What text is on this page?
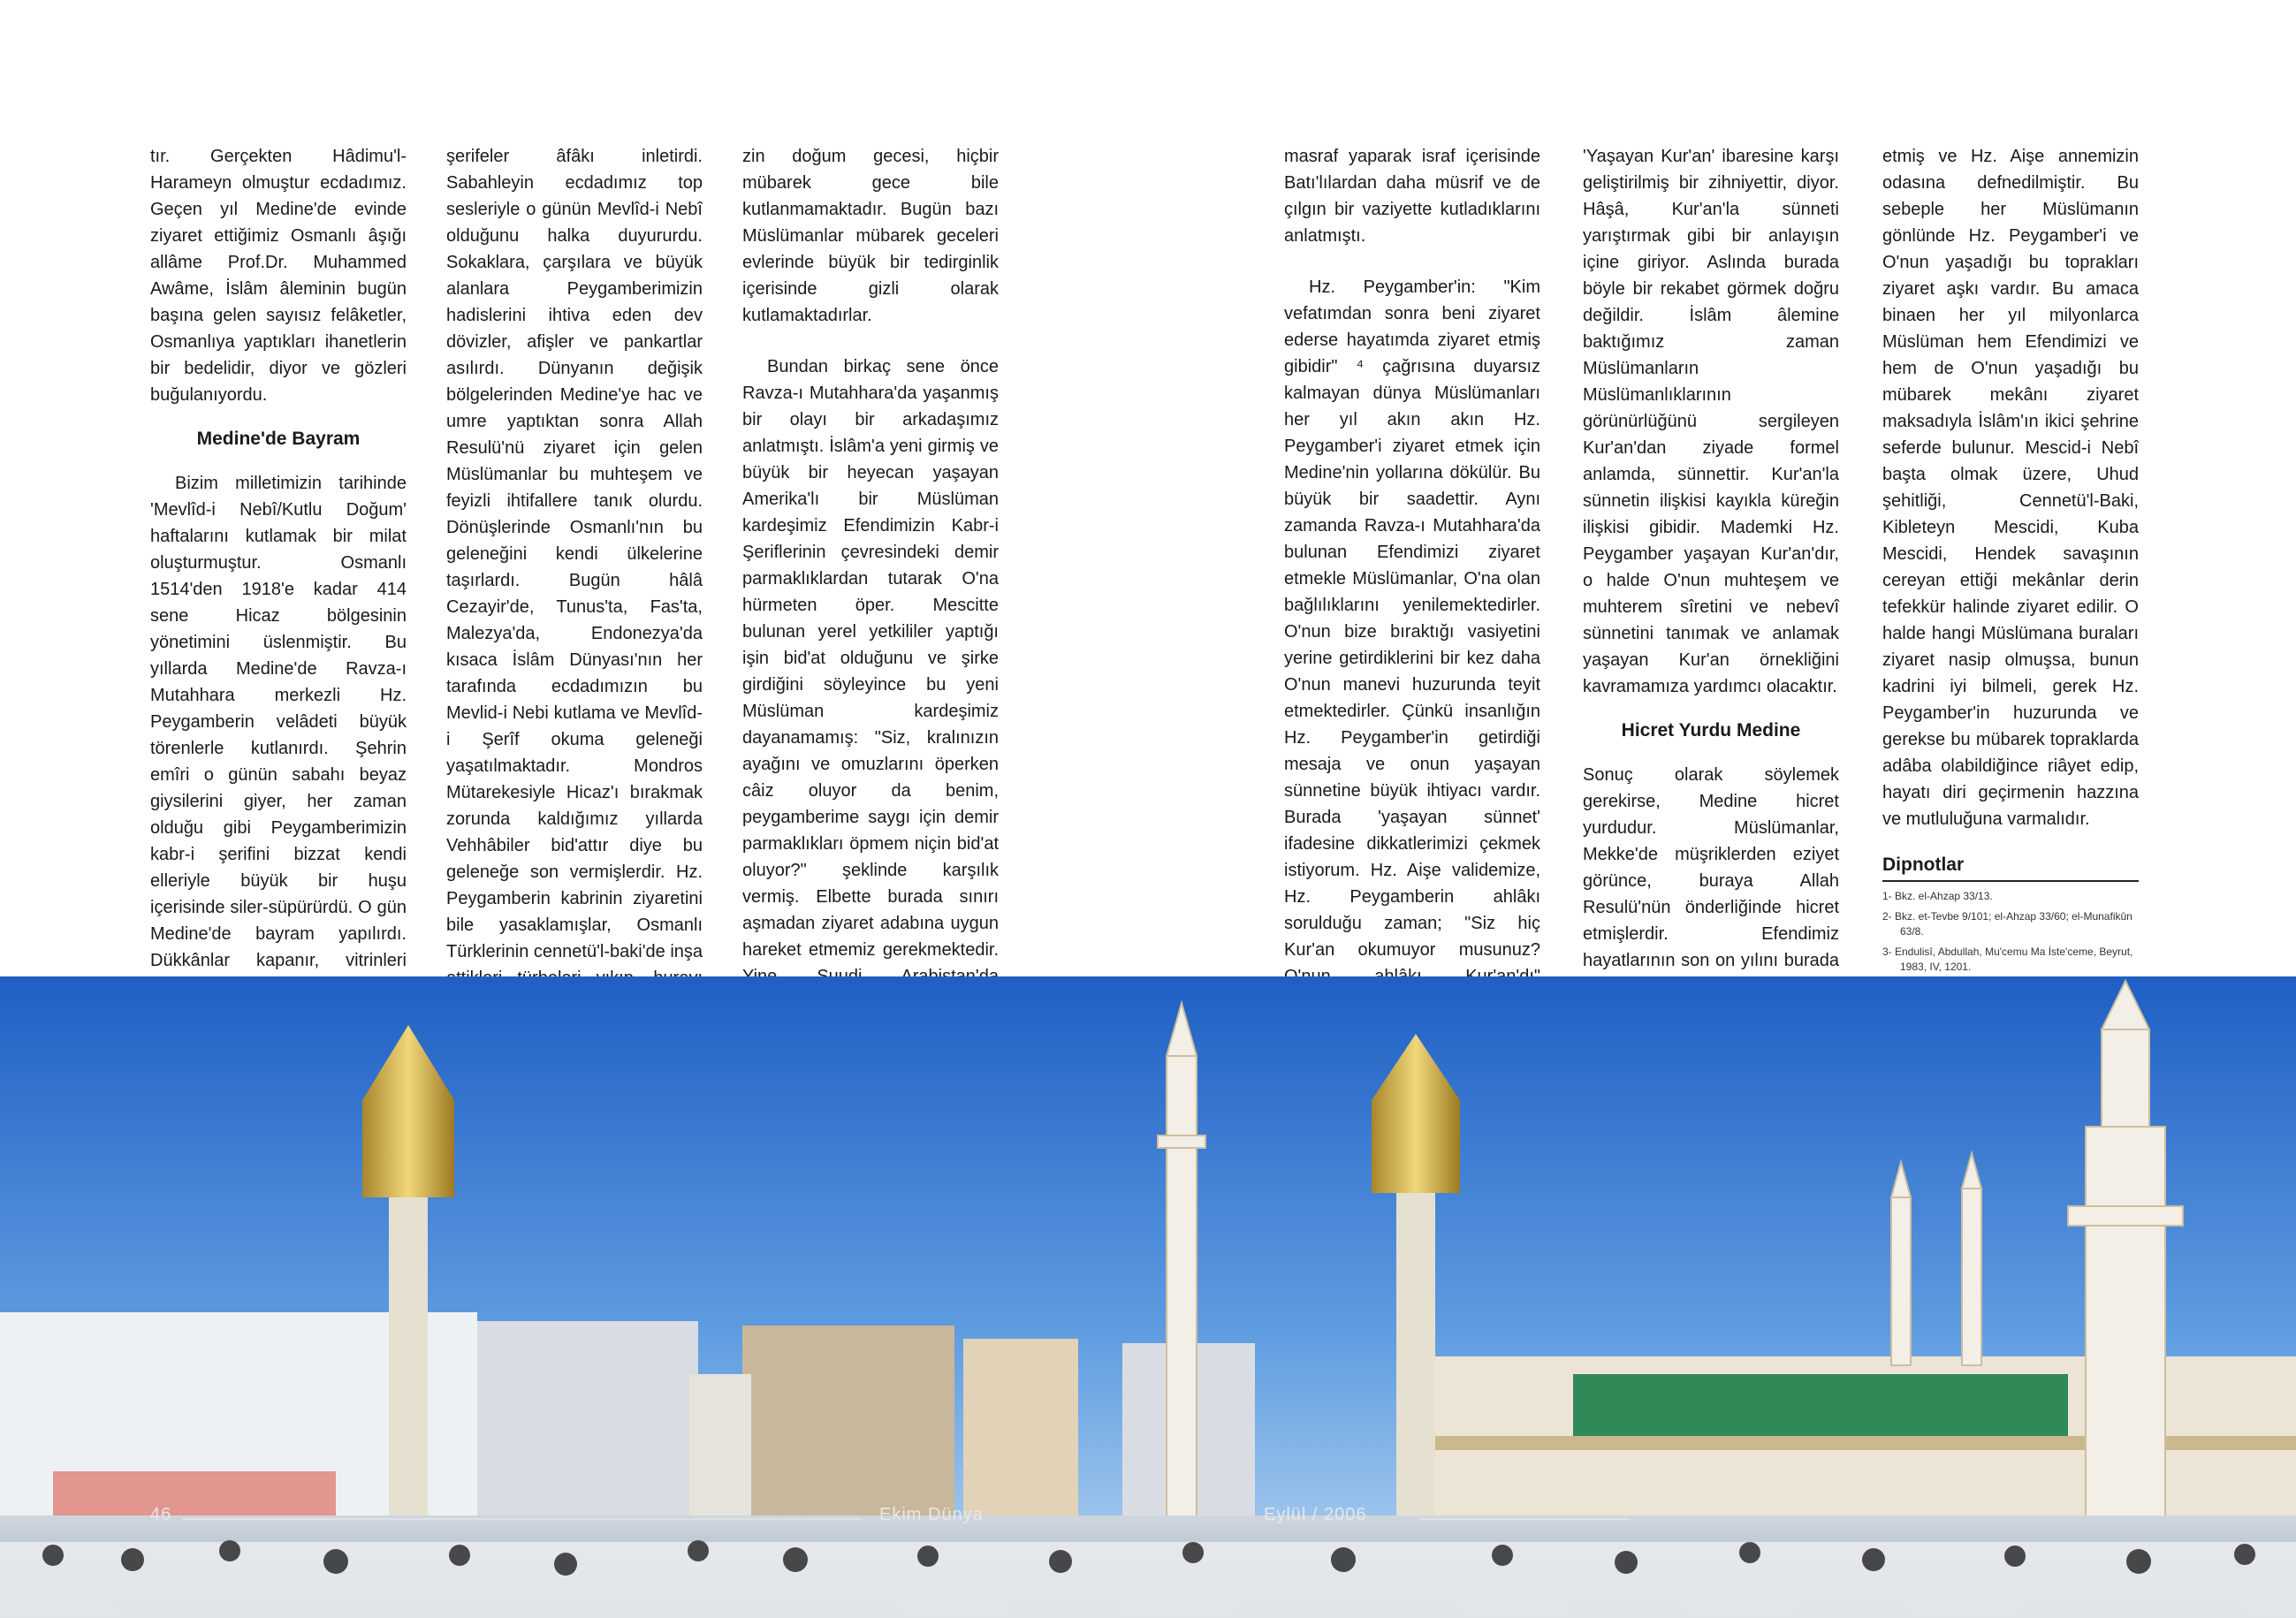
tır. Gerçekten Hâdimu'l-Harameyn olmuştur ecdadımız. Geçen yıl Medine'de evinde ziyaret ettiğimiz Osmanlı âşığı allâme Prof.Dr. Muhammed Awâme, İslâm âleminin bugün başına gelen sayısız felâketler, Osmanlıya yaptıkları ihanetlerin bir bedelidir, diyor ve gözleri buğulanıyordu.

Medine'de Bayram

Bizim milletimizin tarihinde 'Mevlîd-i Nebî/Kutlu Doğum' haftalarını kutlamak bir milat oluşturmuştur. Osmanlı 1514'den 1918'e kadar 414 sene Hicaz bölgesinin yönetimini üslenmiştir. Bu yıllarda Medine'de Ravza-ı Mutahhara merkezli Hz. Peygamberin velâdeti büyük törenlerle kutlanırdı. Şehrin emîri o günün sabahı beyaz giysilerini giyer, her zaman olduğu gibi Peygamberimizin kabr-i şerifini bizzat kendi elleriyle büyük bir huşu içerisinde siler-süpürürdü. O gün Medine'de bayram yapılırdı. Dükkânlar kapanır, vitrinleri

şerifeler âfâkı inletirdi. Sabahleyin ecdadımız top sesleriyle o günün Mevlîd-i Nebî olduğunu halka duyururdu. Sokaklara, çarşılara ve büyük alanlara Peygamberimizin hadislerini ihtiva eden dev dövizler, afişler ve pankartlar asılırdı. Dünyanın değişik bölgelerinden Medine'ye hac ve umre yaptıktan sonra Allah Resulü'nü ziyaret için gelen Müslümanlar bu muhteşem ve feyizli ihtifallere tanık olurdu. Dönüşlerinde Osmanlı'nın bu geleneğini kendi ülkelerine taşırlardı. Bugün hâlâ Cezayir'de, Tunus'ta, Fas'ta, Malezya'da, Endonezya'da kısaca İslâm Dünyası'nın her tarafında ecdadımızın bu Mevlid-i Nebi kutlama ve Mevlîd-i Şerîf okuma geleneği yaşatılmaktadır. Mondros Mütarekesiyle Hicaz'ı bırakmak zorunda kaldığımız yıllarda Vehhâbiler bid'attır diye bu geleneğe son vermişlerdir. Hz. Peygamberin kabrinin ziyaretini bile yasaklamışlar, Osmanlı Türklerinin cennetü'l-baki'de inşa

zin doğum gecesi, hiçbir mübarek gece bile kutlanmamaktadır. Bugün bazı Müslümanlar mübarek geceleri evlerinde büyük bir tedirginlik içerisinde gizli olarak kutlamaktadırlar.

Bundan birkaç sene önce Ravza-ı Mutahhara'da yaşanmış bir olayı bir arkadaşımız anlatmıştı. İslâm'a yeni girmiş ve büyük bir heyecan yaşayan Amerika'lı bir Müslüman kardeşimiz Efendimizin Kabr-i Şeriflerinin çevresindeki demir parmaklıklardan tutarak O'na hürmeten öper. Mescitte bulunan yerel yetkililer yaptığı işin bid'at olduğunu ve şirke girdiğini söyleyince bu yeni Müslüman kardeşimiz dayanamamış: "Siz, kralınızın ayağını ve omuzlarını öperken câiz oluyor da benim, peygamberime saygı için demir parmaklıkları öpmem niçin bid'at oluyor?" şeklinde karşılık vermiş. Elbette burada sınırı aşmadan ziyaret adabına uygun hareket etmemiz gerekmektedir.

masraf yaparak israf içerisinde Batı'lılardan daha müsrif ve de çılgın bir vaziyette kutladıklarını anlatmıştı.

Hz. Peygamber'in: "Kim vefatımdan sonra beni ziyaret ederse hayatımda ziyaret etmiş gibidir" ⁴ çağrısına duyarsız kalmayan dünya Müslümanları her yıl akın akın Hz. Peygamber'i ziyaret etmek için Medine'nin yollarına dökülür. Bu büyük bir saadettir. Aynı zamanda Ravza-ı Mutahhara'da bulunan Efendimizi ziyaret etmekle Müslümanlar, O'na olan bağlılıklarını yenilemektedirler. O'nun bize bıraktığı vasiyetini yerine getirdiklerini bir kez daha O'nun manevi huzurunda teyit etmektedirler. Çünkü insanlığın Hz. Peygamber'in getirdiği mesaja ve onun yaşayan sünnetine büyük ihtiyacı vardır. Burada 'yaşayan sünnet' ifadesine dikkatlerimizi çekmek istiyorum. Hz. Aişe validemize, Hz. Peygamberin ahlâkı sorulduğu zaman; "Siz hiç Kur'an okumuyor musunuz?

'Yaşayan Kur'an' ibaresine karşı geliştirilmiş bir zihniyettir, diyor. Hâşâ, Kur'an'la sünneti yarıştırmak gibi bir anlayışın içine giriyor. Aslında burada böyle bir rekabet görmek doğru değildir. İslâm âlemine baktığımız zaman Müslümanların Müslümanlıklarının görünürlüğünü sergileyen Kur'an'dan ziyade formel anlamda, sünnettir. Kur'an'la sünnetin ilişkisi kayıkla küreğin ilişkisi gibidir. Mademki Hz. Peygamber yaşayan Kur'an'dır, o halde O'nun muhteşem ve muhterem sîretini ve nebevî sünnetini tanımak ve anlamak yaşayan Kur'an örnekliğini kavramamıza yardımcı olacaktır.

Hicret Yurdu Medine

Sonuç olarak söylemek gerekirse, Medine hicret yurdudur. Müslümanlar, Mekke'de müşriklerden eziyet görünce, buraya Allah Resulü'nün önderliğinde hicret etmişlerdir. Efendimiz hayatlarının son on yılını burada

etmiş ve Hz. Aişe annemizin odasına defnedilmiştir. Bu sebeple her Müslümanın gönlünde Hz. Peygamber'i ve O'nun yaşadığı bu toprakları ziyaret aşkı vardır. Bu amaca binaen her yıl milyonlarca Müslüman hem Efendimizi ve hem de O'nun yaşadığı bu mübarek mekânı ziyaret maksadıyla İslâm'ın ikici şehrine seferde bulunur. Mescid-i Nebî başta olmak üzere, Uhud şehitliği, Cennetü'l-Baki, Kibleteyn Mescidi, Kuba Mescidi, Hendek savaşının cereyan ettiği mekânlar derin tefekkür halinde ziyaret edilir. O halde hangi Müslümana buraları ziyaret nasip olmuşsa, bunun kadrini iyi bilmeli, gerek Hz. Peygamber'in huzurunda ve gerekse bu mübarek topraklarda adâba olabildiğince riâyet edip, hayatı diri geçirmenin hazzına ve mutluluğuna varmalıdır.

Dipnotlar
1- Bkz. el-Ahzap 33/13.
2- Bkz. et-Tevbe 9/101; el-Ahzap 33/60; el-Munafikûn 63/8.
3- Endulisî, Abdullah, Mu'cemu Ma İste'ceme, Beyrut, 1983, IV, 1201.
46	Ekim Dünya	Eylül / 2006
